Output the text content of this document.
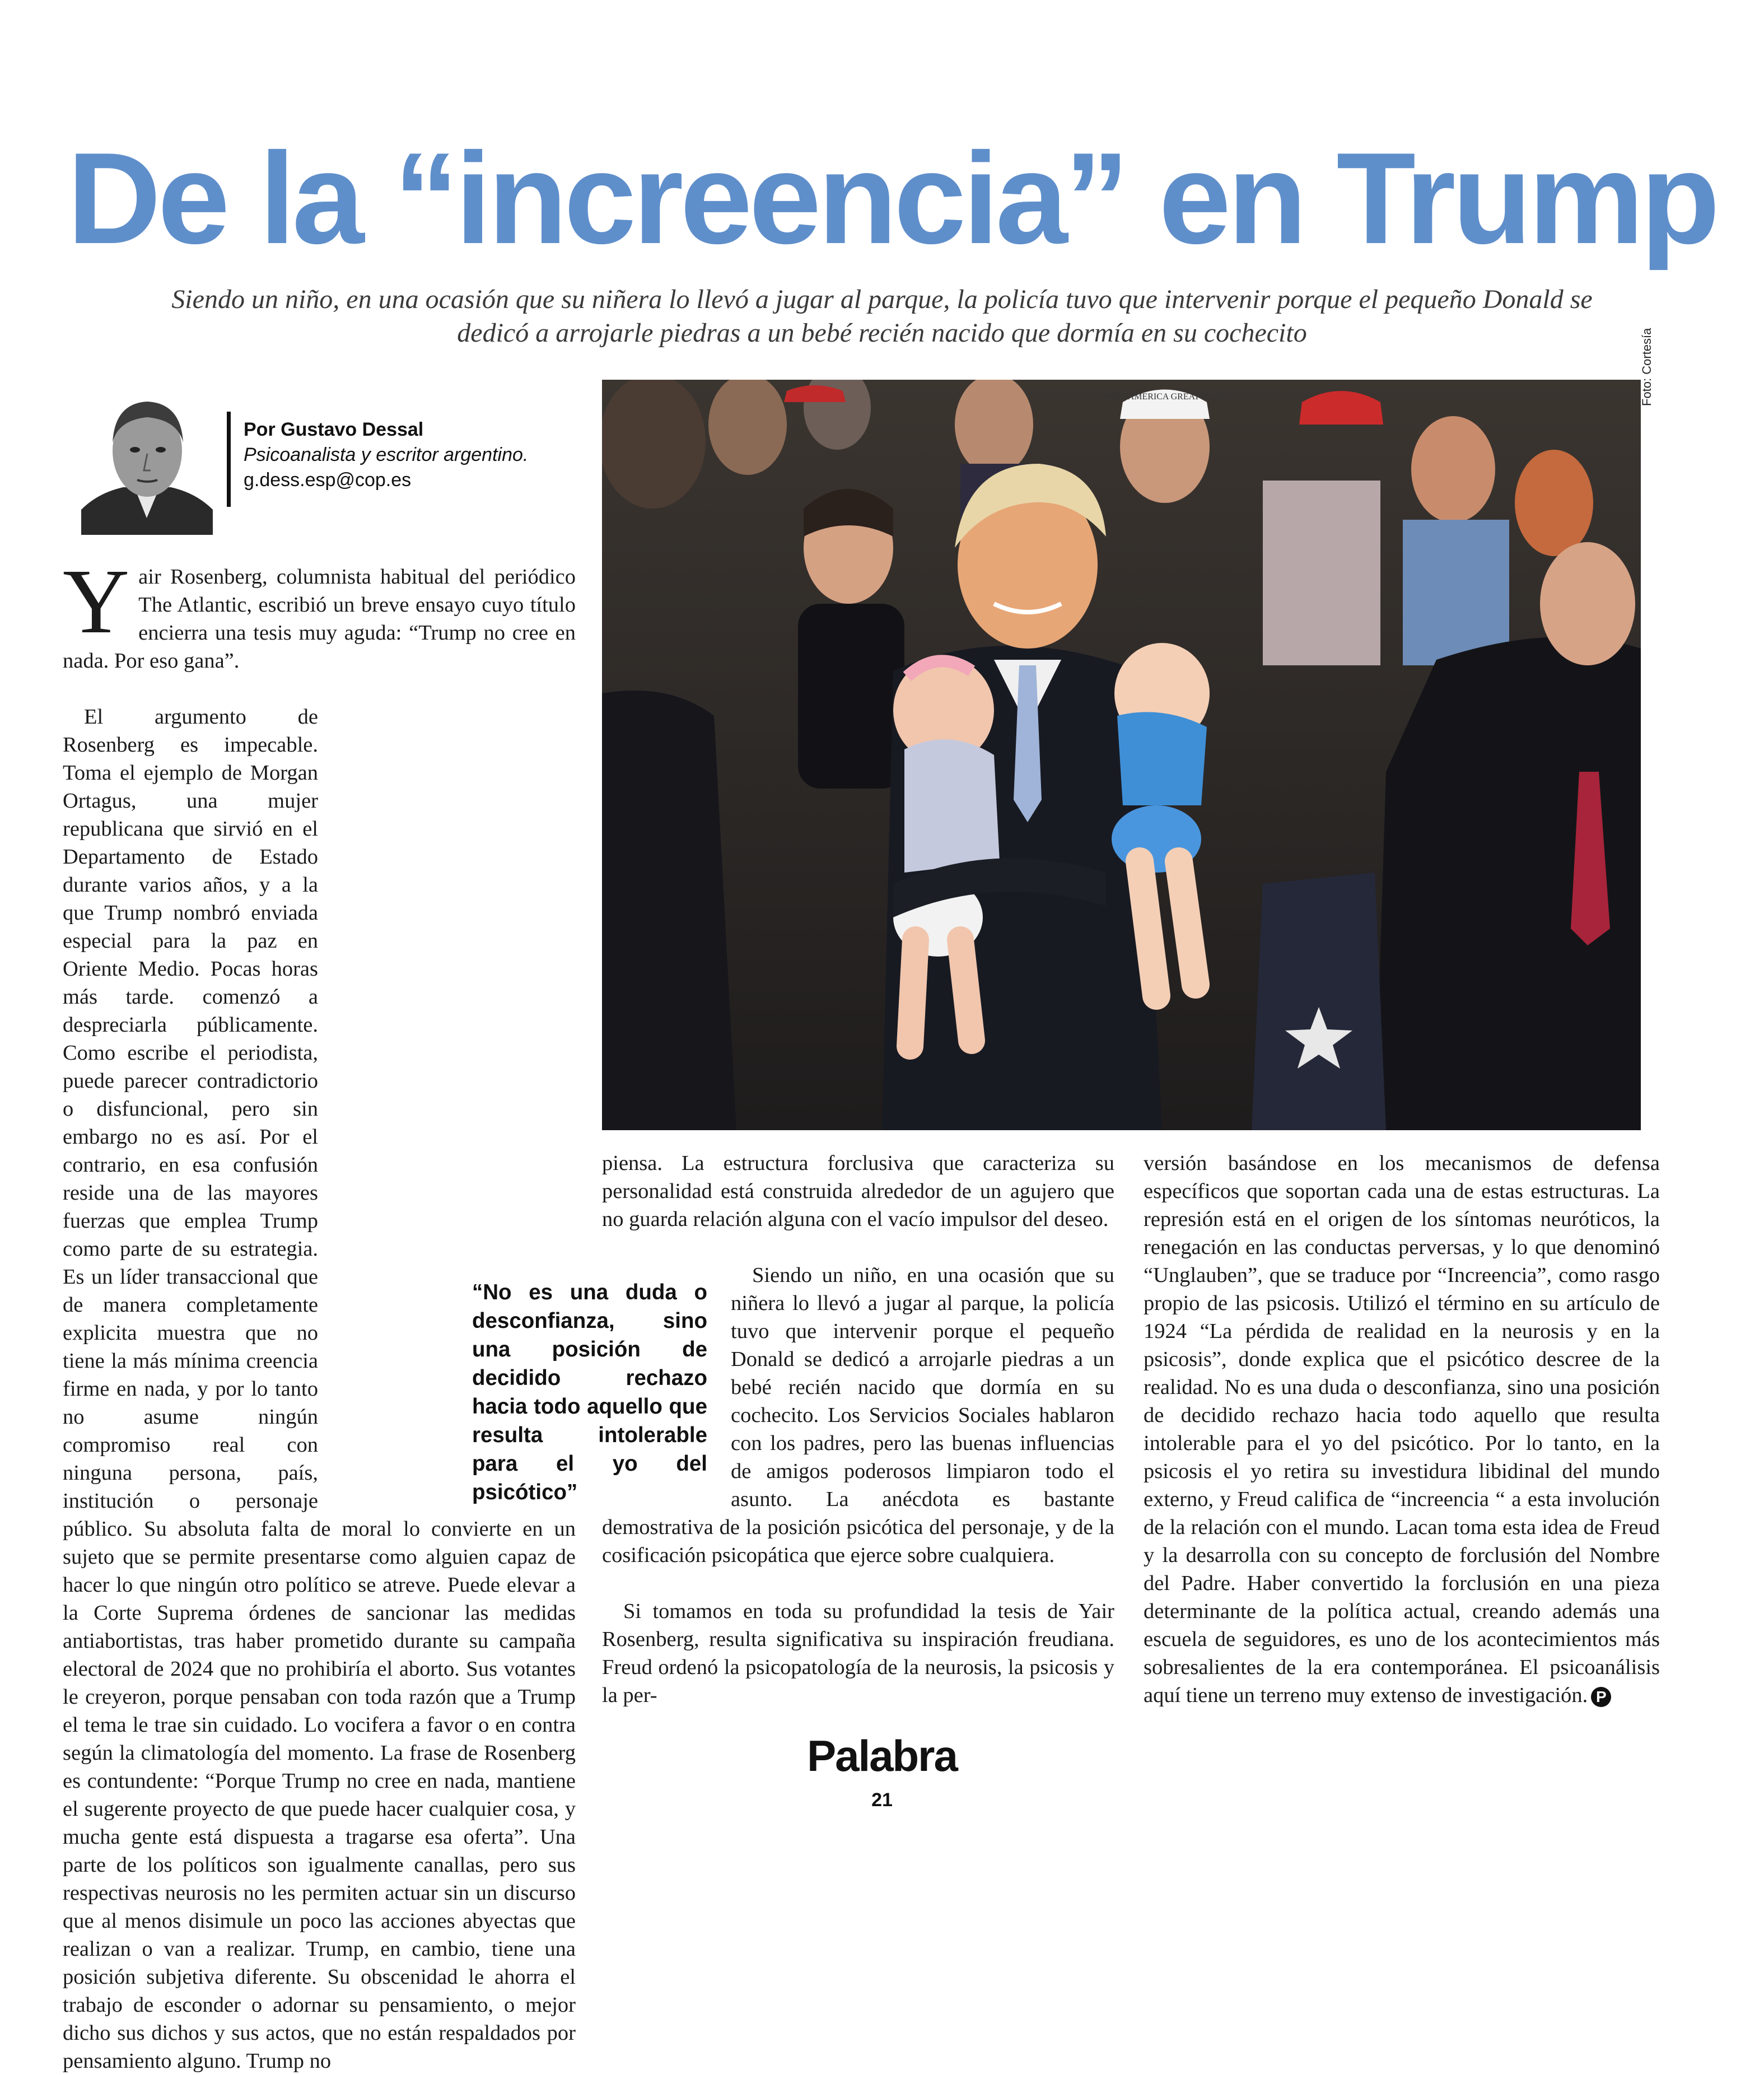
De la “increencia” en Trump
Siendo un niño, en una ocasión que su niñera lo llevó a jugar al parque, la policía tuvo que intervenir porque el pequeño Donald se dedicó a arrojarle piedras a un bebé recién nacido que dormía en su cochecito
Por Gustavo Dessal
Psicoanalista y escritor argentino.
g.dess.esp@cop.es
MAKE AMERICA GREAT AGAIN	Foto: Cortesía

Yair Rosenberg, columnista habitual del periódico The Atlantic, escribió un breve ensayo cuyo título encierra una tesis muy aguda: “Trump no cree en nada. Por eso gana”.

El argumento de Rosenberg es impecable. Toma el ejemplo de Morgan Ortagus, una mujer republicana que sirvió en el Departamento de Estado durante varios años, y a la que Trump nombró enviada especial para la paz en Oriente Medio. Pocas horas más tarde. comenzó a despreciarla públicamente. Como escribe el periodista, puede parecer contradictorio o disfuncional, pero sin embargo no es así. Por el contrario, en esa confusión reside una de las mayores fuerzas que emplea Trump como parte de su estrategia. Es un líder transaccional que de manera completamente explicita muestra que no tiene la más mínima creencia firme en nada, y por lo tanto no asume ningún compromiso real con ninguna persona, país, institución o personaje público. Su absoluta falta de moral lo convierte en un sujeto que se permite presentarse como alguien capaz de hacer lo que ningún otro político se atreve. Puede elevar a la Corte Suprema órdenes de sancionar las medidas antiabortistas, tras haber prometido durante su campaña electoral de 2024 que no prohibiría el aborto. Sus votantes le creyeron, porque pensaban con toda razón que a Trump el tema le trae sin cuidado. Lo vocifera a favor o en contra según la climatología del momento. La frase de Rosenberg es contundente: “Porque Trump no cree en nada, mantiene el sugerente proyecto de que puede hacer cualquier cosa, y mucha gente está dispuesta a tragarse esa oferta”. Una parte de los políticos son igualmente canallas, pero sus respectivas neurosis no les permiten actuar sin un discurso que al menos disimule un poco las acciones abyectas que realizan o van a realizar. Trump, en cambio, tiene una posición subjetiva diferente. Su obscenidad le ahorra el trabajo de esconder o adornar su pensamiento, o mejor dicho sus dichos y sus actos, que no están respaldados por pensamiento alguno. Trump no

piensa. La estructura forclusiva que caracteriza su personalidad está construida alrededor de un agujero que no guarda relación alguna con el vacío impulsor del deseo.

Siendo un niño, en una ocasión que su niñera lo llevó a jugar al parque, la policía tuvo que intervenir porque el pequeño Donald se dedicó a arrojarle piedras a un bebé recién nacido que dormía en su cochecito. Los Servicios Sociales hablaron con los padres, pero las buenas influencias de amigos poderosos limpiaron todo el asunto. La anécdota es bastante demostrativa de la posición psicótica del personaje, y de la cosificación psicopática que ejerce sobre cualquiera.

Si tomamos en toda su profundidad la tesis de Yair Rosenberg, resulta significativa su inspiración freudiana. Freud ordenó la psicopatología de la neurosis, la psicosis y la per-

versión basándose en los mecanismos de defensa específicos que soportan cada una de estas estructuras. La represión está en el origen de los síntomas neuróticos, la renegación en las conductas perversas, y lo que denominó “Unglauben”, que se traduce por “Increencia”, como rasgo propio de las psicosis. Utilizó el término en su artículo de 1924 “La pérdida de realidad en la neurosis y en la psicosis”, donde explica que el psicótico descree de la realidad. No es una duda o desconfianza, sino una posición de decidido rechazo hacia todo aquello que resulta intolerable para el yo del psicótico. Por lo tanto, en la psicosis el yo retira su investidura libidinal del mundo externo, y Freud califica de “increencia “ a esta involución de la relación con el mundo. Lacan toma esta idea de Freud y la desarrolla con su concepto de forclusión del Nombre del Padre. Haber convertido la forclusión en una pieza determinante de la política actual, creando además una escuela de seguidores, es uno de los acontecimientos más sobresalientes de la era contemporánea. El psicoanálisis aquí tiene un terreno muy extenso de investigación. P

“No es una duda o desconfianza, sino una posición de decidido rechazo hacia todo aquello que resulta intolerable para el yo del psicótico”
Palabra
21
